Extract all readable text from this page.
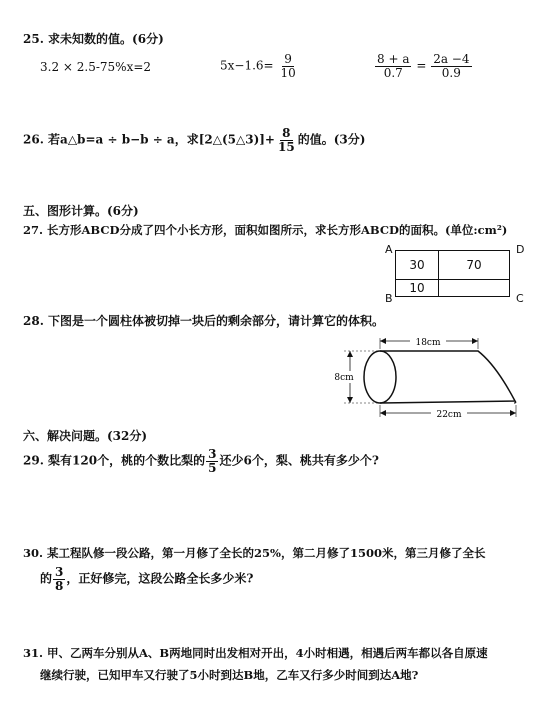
25. 求未知数的值。(6分)
3.2 × 2.5-75%x=2	$5x-1.6= \frac{9}{10}$	$\frac{8 + a}{0.7} = \frac{2a -4}{0.9}$
26. 若a△b=a ÷ b−b ÷ a，求[2△(5△3)]+ $\frac{8}{15}$ 的值。(3分)
五、图形计算。(6分)
27. 长方形ABCD分成了四个小长方形，面积如图所示，求长方形ABCD的面积。(单位:cm²)
A	D
B	C
30	70
10	
28. 下图是一个圆柱体被切掉一块后的剩余部分，请计算它的体积。
18cm
8cm
22cm
六、解决问题。(32分)
29. 梨有120个，桃的个数比梨的 $\frac{3}{5}$ 还少6个，梨、桃共有多少个?
30. 某工程队修一段公路，第一月修了全长的25%，第二月修了1500米，第三月修了全长
的 $\frac{3}{8}$ ，正好修完，这段公路全长多少米?
31. 甲、乙两车分别从A、B两地同时出发相对开出，4小时相遇，相遇后两车都以各自原速
继续行驶，已知甲车又行驶了5小时到达B地，乙车又行多少时间到达A地?
